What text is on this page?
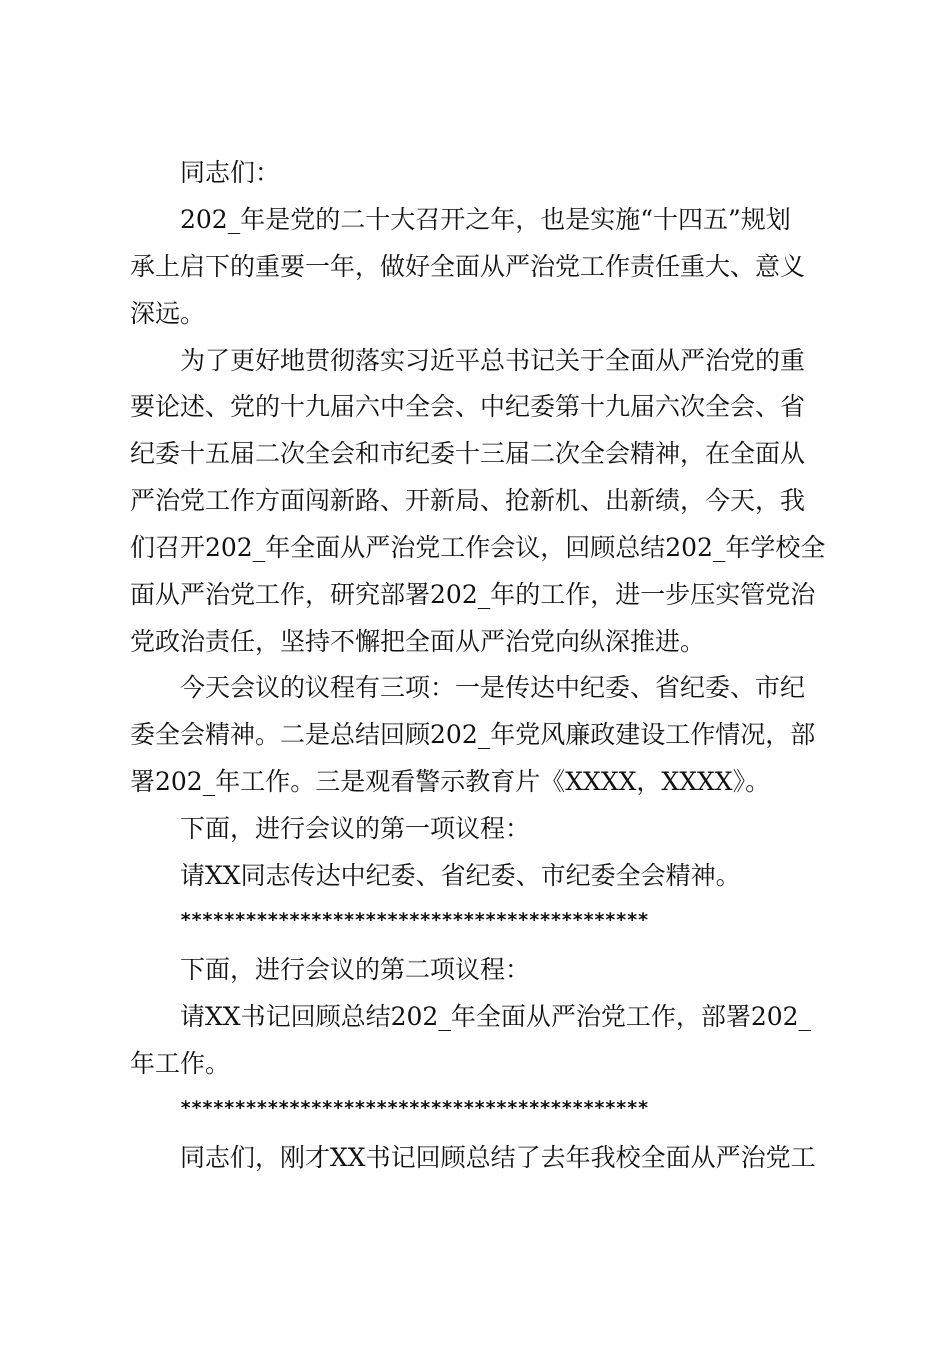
同志们：
202_年是党的二十大召开之年，也是实施“十四五”规划
承上启下的重要一年，做好全面从严治党工作责任重大、意义
深远。
为了更好地贯彻落实习近平总书记关于全面从严治党的重
要论述、党的十九届六中全会、中纪委第十九届六次全会、省
纪委十五届二次全会和市纪委十三届二次全会精神，在全面从
严治党工作方面闯新路、开新局、抢新机、出新绩，今天，我
们召开202_年全面从严治党工作会议，回顾总结202_年学校全
面从严治党工作，研究部署202_年的工作，进一步压实管党治
党政治责任，坚持不懈把全面从严治党向纵深推进。
今天会议的议程有三项：一是传达中纪委、省纪委、市纪
委全会精神。二是总结回顾202_年党风廉政建设工作情况，部
署202_年工作。三是观看警示教育片《XXXX，XXXX》。
下面，进行会议的第一项议程：
请XX同志传达中纪委、省纪委、市纪委全会精神。
*******************************************
下面，进行会议的第二项议程：
请XX书记回顾总结202_年全面从严治党工作，部署202_
年工作。
*******************************************
同志们，刚才XX书记回顾总结了去年我校全面从严治党工
